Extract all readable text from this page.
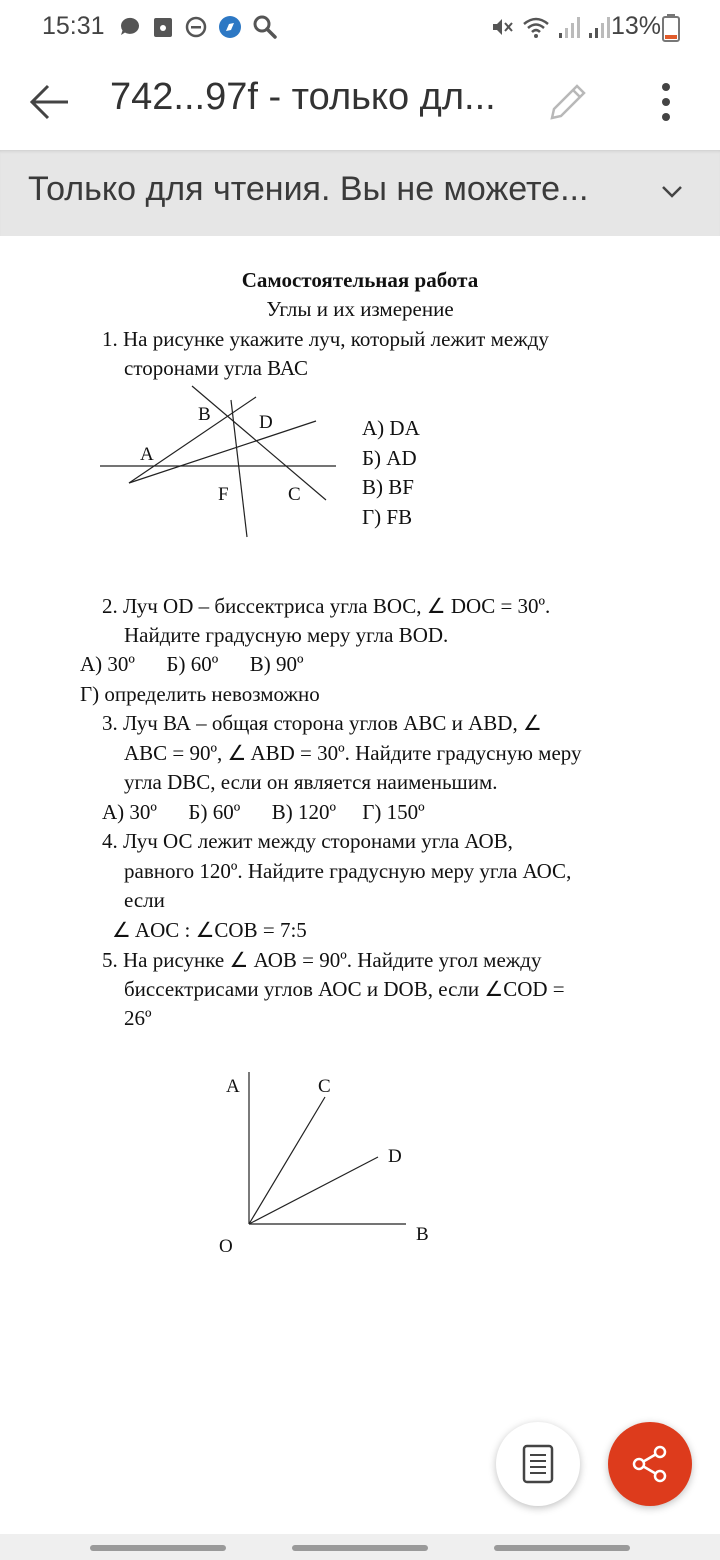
15:31	13%
742...97f - только дл...
Только для чтения. Вы не можете...
Самостоятельная работа
Углы и их измерение
1. На рисунке укажите луч, который лежит между
сторонами угла ВАС
B	D
A
F	C
А) DA
Б) AD
В) BF
Г) FB
2. Луч OD – биссектриса угла ВОС, ∠ DOC = 30º.
Найдите градусную меру угла BOD.
А) 30º      Б) 60º      В) 90º
Г) определить невозможно
3. Луч ВА – общая сторона углов АВС и ABD, ∠
АВС = 90º, ∠ ABD = 30º. Найдите градусную меру
угла DВС, если он является наименьшим.
А) 30º      Б) 60º      В) 120º     Г) 150º
4. Луч ОС лежит между сторонами угла АОВ,
равного 120º. Найдите градусную меру угла АОС,
если
∠ AOC : ∠COB = 7:5
5. На рисунке ∠ АОВ = 90º. Найдите угол между
биссектрисами углов АОС и DOB, если ∠COD =
26º
A	C
D
B
O
